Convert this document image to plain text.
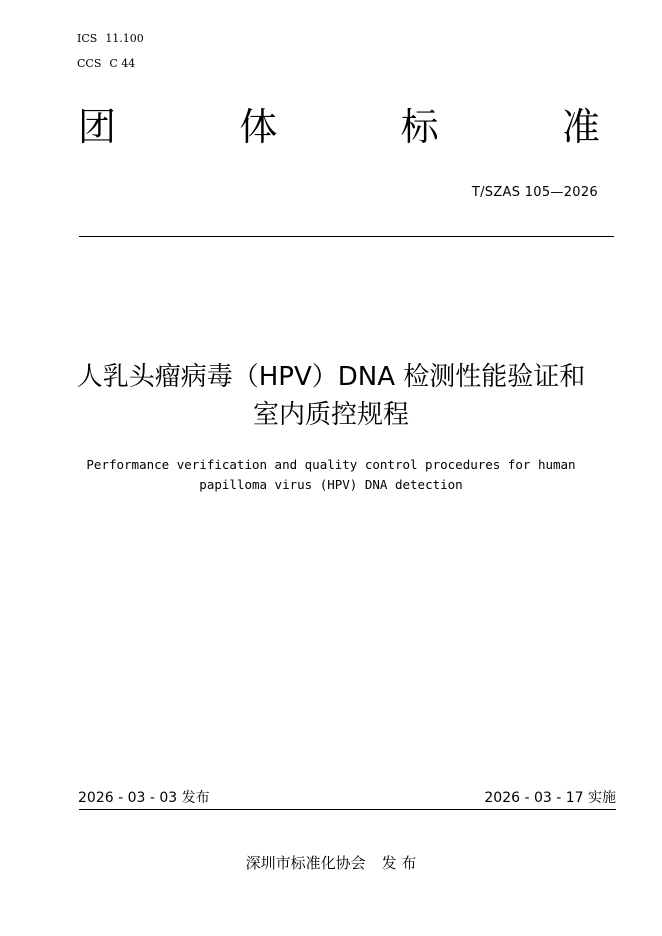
ICS 11.100
CCS C 44
团	体	标	准
T/SZAS 105—2026
人乳头瘤病毒（HPV）DNA 检测性能验证和
室内质控规程
Performance verification and quality control procedures for human
papilloma virus (HPV) DNA detection
2026 - 03 - 03 发布	2026 - 03 - 17 实施
深圳市标准化协会 发 布
